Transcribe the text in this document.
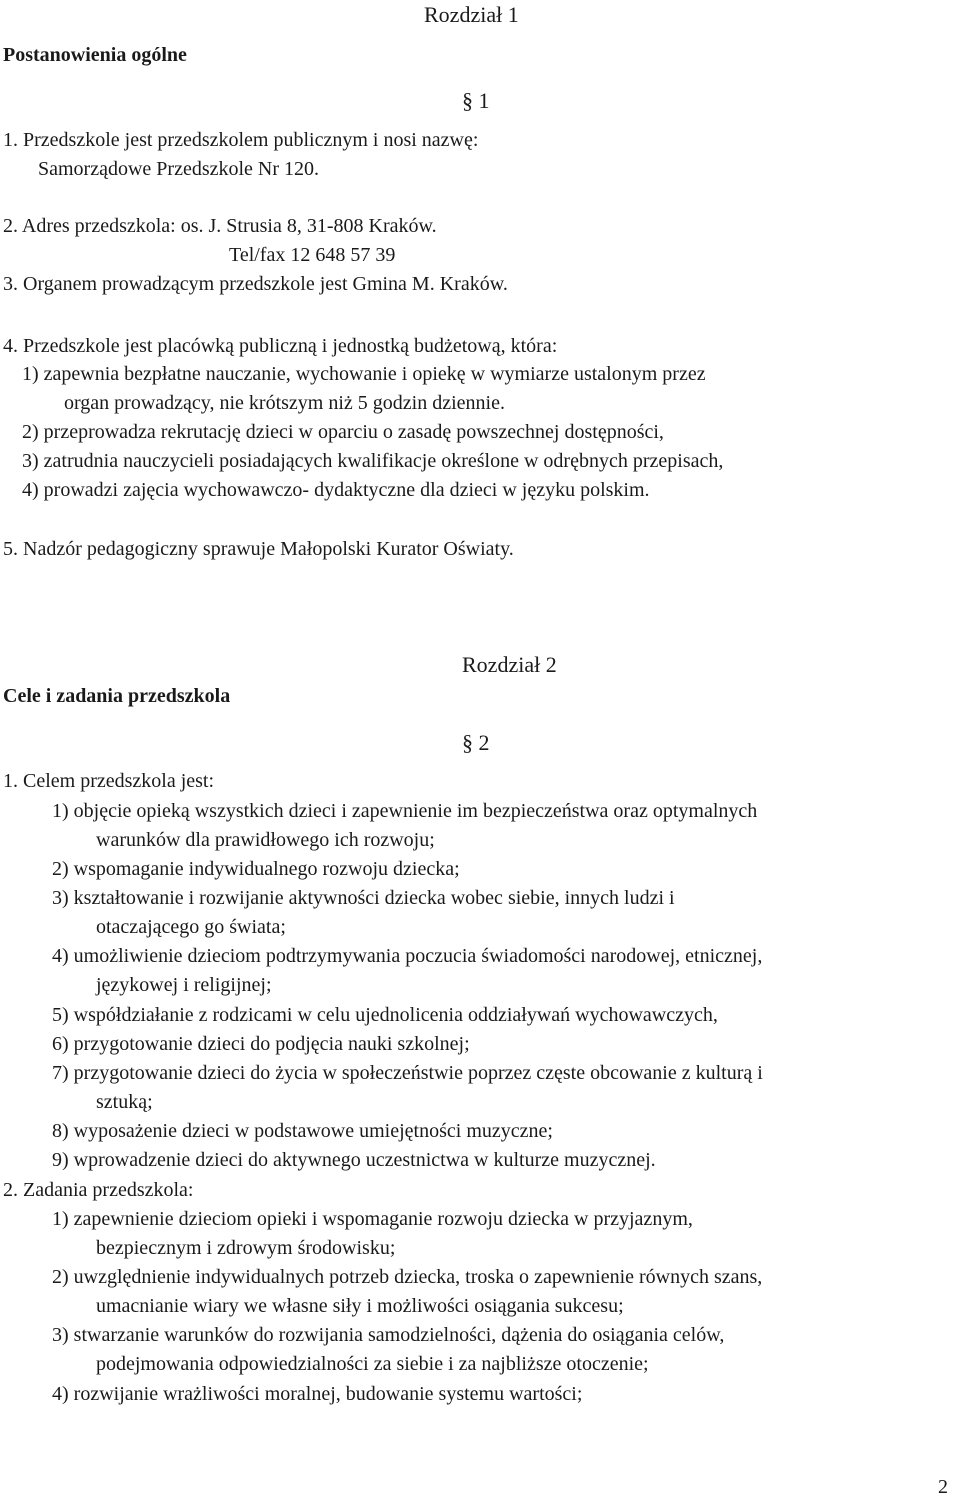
Rozdział 1
Postanowienia ogólne
§ 1
1. Przedszkole jest przedszkolem publicznym i nosi nazwę:
Samorządowe Przedszkole Nr 120.
2. Adres przedszkola: os. J. Strusia 8, 31-808 Kraków.
Tel/fax 12 648 57 39
3. Organem prowadzącym przedszkole jest Gmina M. Kraków.
4. Przedszkole jest placówką publiczną i jednostką budżetową, która:
1) zapewnia bezpłatne nauczanie, wychowanie i opiekę w wymiarze ustalonym przez
organ prowadzący, nie krótszym niż 5 godzin dziennie.
2) przeprowadza rekrutację dzieci w oparciu o zasadę powszechnej dostępności,
3) zatrudnia nauczycieli posiadających kwalifikacje określone w odrębnych przepisach,
4) prowadzi zajęcia wychowawczo- dydaktyczne dla dzieci w języku polskim.
5. Nadzór pedagogiczny sprawuje Małopolski Kurator Oświaty.
Rozdział 2
Cele i zadania przedszkola
§ 2
1. Celem przedszkola jest:
1) objęcie opieką wszystkich dzieci i zapewnienie im bezpieczeństwa oraz optymalnych
warunków dla prawidłowego ich rozwoju;
2) wspomaganie indywidualnego rozwoju dziecka;
3) kształtowanie i rozwijanie aktywności dziecka wobec siebie, innych ludzi i
otaczającego go świata;
4) umożliwienie dzieciom podtrzymywania poczucia świadomości narodowej, etnicznej,
językowej i religijnej;
5) współdziałanie z rodzicami w celu ujednolicenia oddziaływań wychowawczych,
6) przygotowanie dzieci do podjęcia nauki szkolnej;
7) przygotowanie dzieci do życia w społeczeństwie poprzez częste obcowanie z kulturą i
sztuką;
8) wyposażenie dzieci w podstawowe umiejętności muzyczne;
9) wprowadzenie dzieci do aktywnego uczestnictwa w kulturze muzycznej.
2. Zadania przedszkola:
1) zapewnienie dzieciom opieki i wspomaganie rozwoju dziecka w przyjaznym,
bezpiecznym i zdrowym środowisku;
2) uwzględnienie indywidualnych potrzeb dziecka, troska o zapewnienie równych szans,
umacnianie wiary we własne siły i możliwości osiągania sukcesu;
3) stwarzanie warunków do rozwijania samodzielności, dążenia do osiągania celów,
podejmowania odpowiedzialności za siebie i za najbliższe otoczenie;
4) rozwijanie wrażliwości moralnej, budowanie systemu wartości;
2
